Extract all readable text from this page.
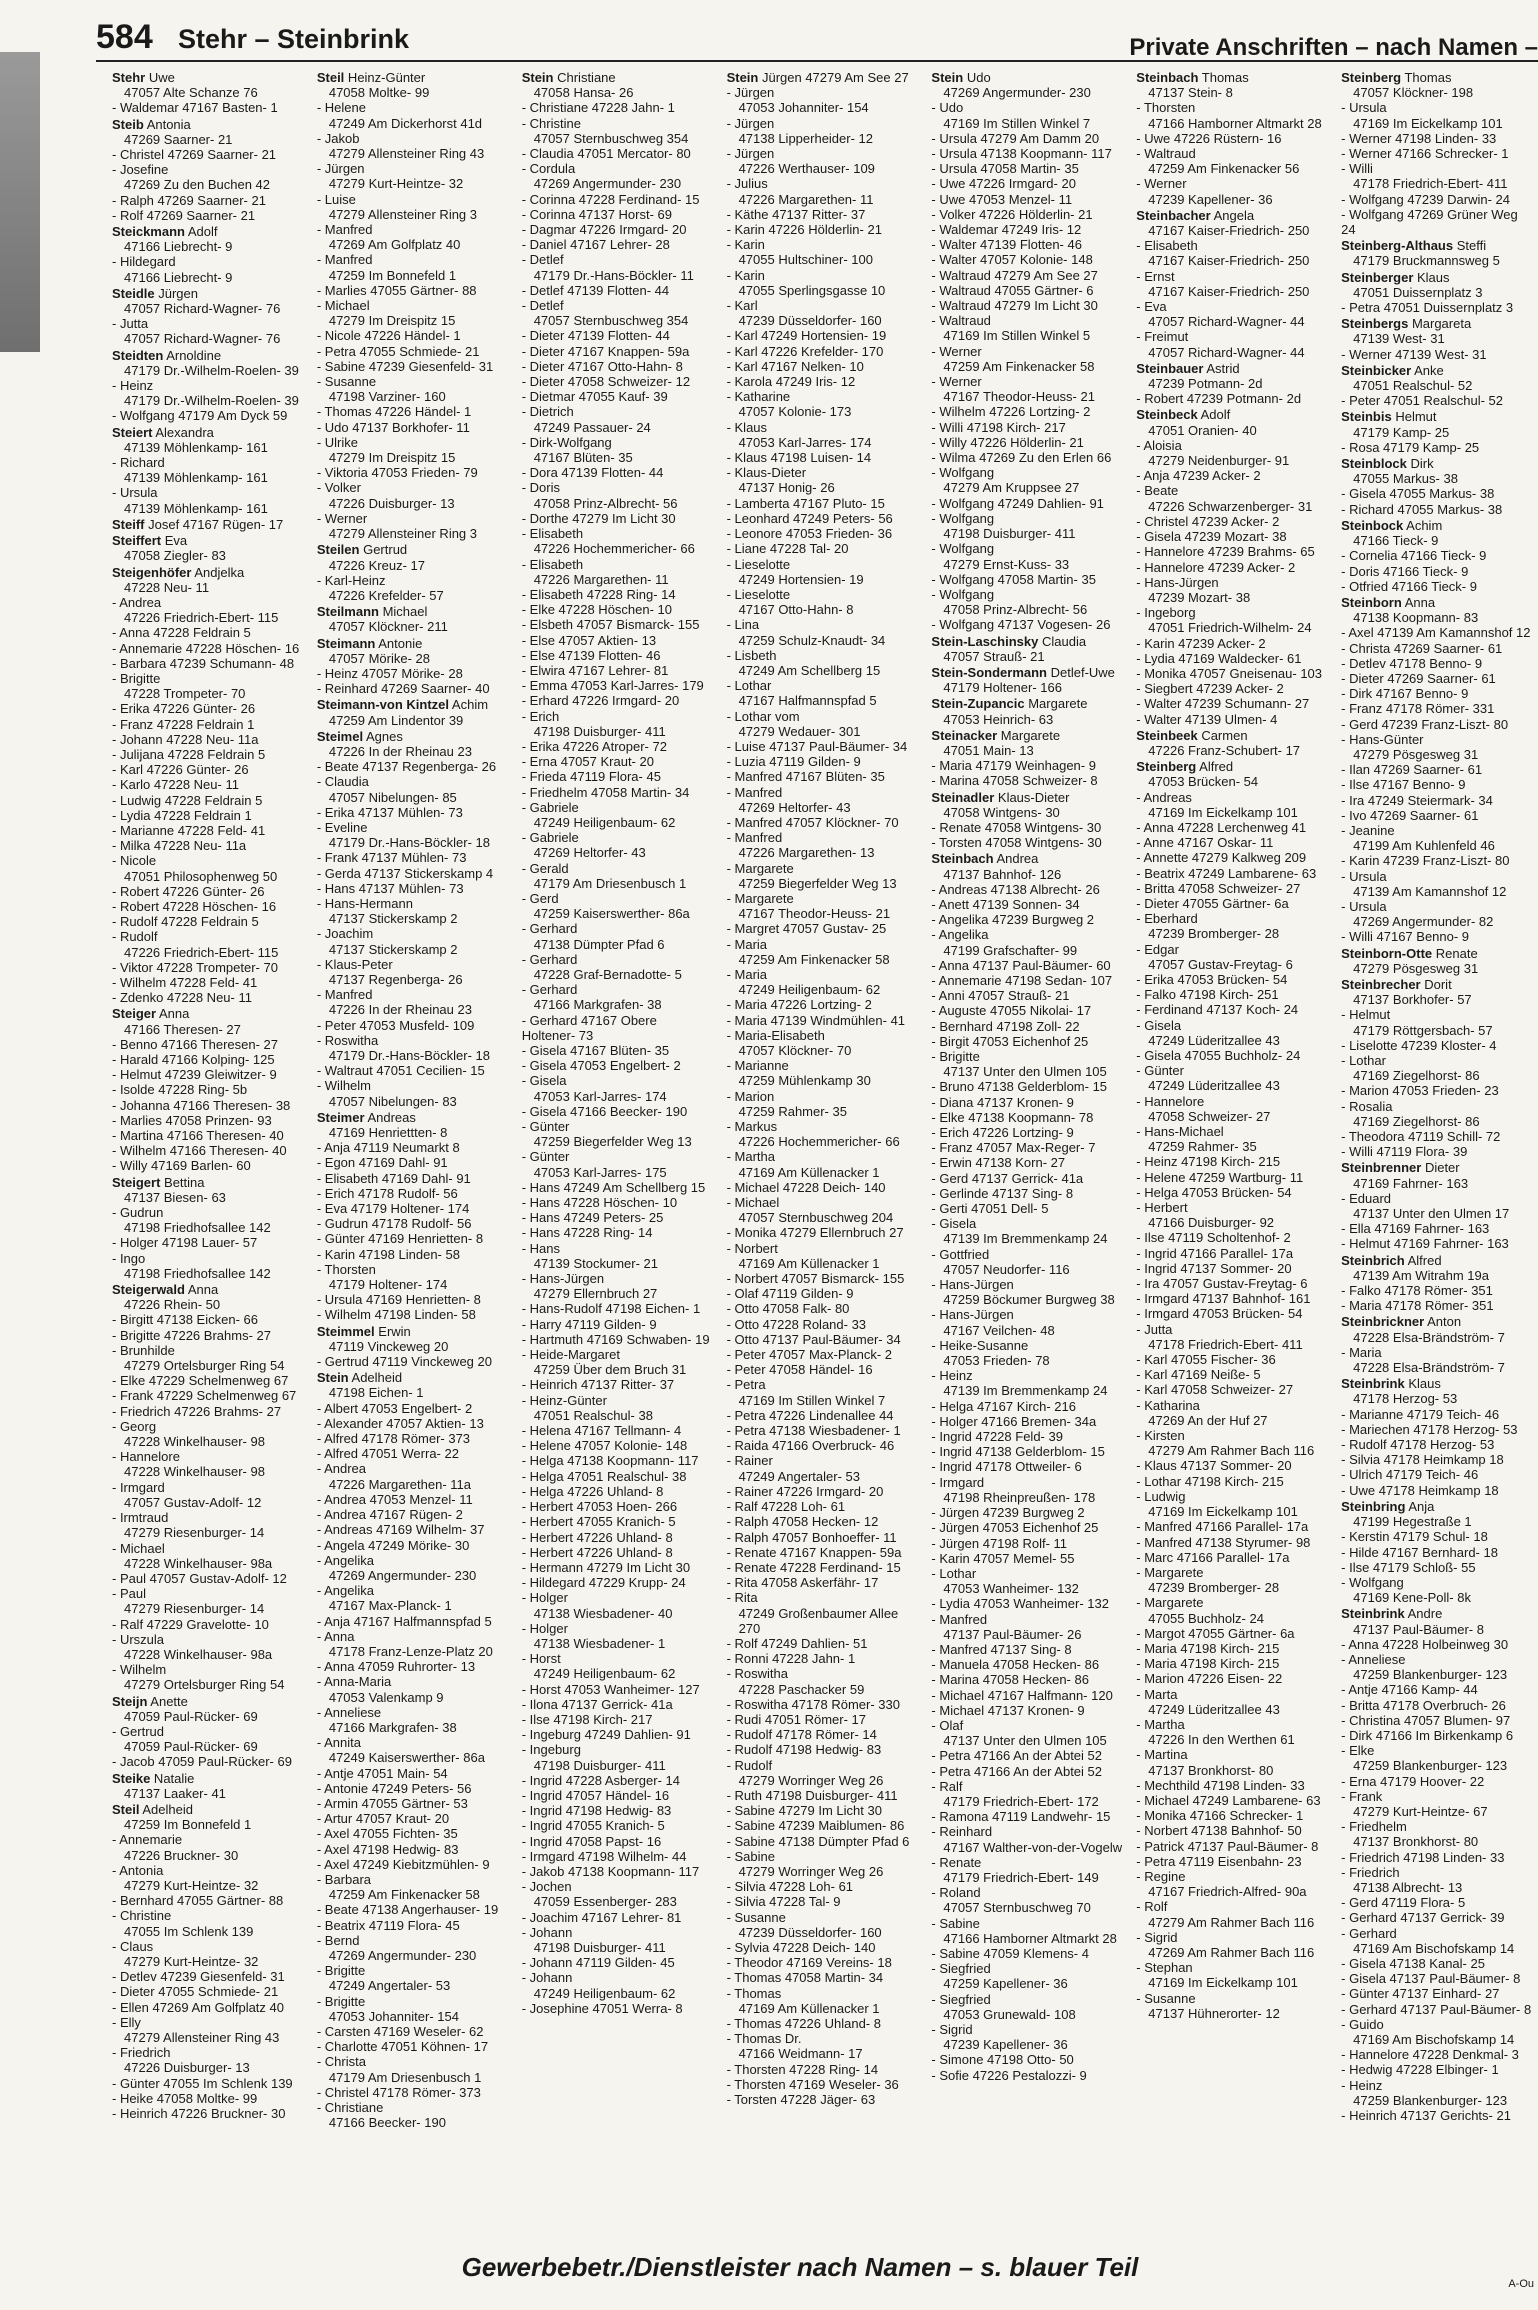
584 Stehr – Steinbrink	Private Anschriften – nach Namen –
Stehr Uwe
47057 Alte Schanze 76
- Waldemar 47167 Basten- 1
Steib Antonia
47269 Saarner- 21
- Christel 47269 Saarner- 21
- Josefine
47269 Zu den Buchen 42
- Ralph 47269 Saarner- 21
- Rolf 47269 Saarner- 21
Steickmann Adolf
47166 Liebrecht- 9
- Hildegard
47166 Liebrecht- 9
Steidle Jürgen
47057 Richard-Wagner- 76
- Jutta
47057 Richard-Wagner- 76
Steidten Arnoldine
47179 Dr.-Wilhelm-Roelen- 39
- Heinz
47179 Dr.-Wilhelm-Roelen- 39
- Wolfgang 47179 Am Dyck 59
Steiert Alexandra
47139 Möhlenkamp- 161
- Richard
47139 Möhlenkamp- 161
- Ursula
47139 Möhlenkamp- 161
Steiff Josef 47167 Rügen- 17
Steiffert Eva
47058 Ziegler- 83
Steigenhöfer Andjelka
47228 Neu- 11
- Andrea
47226 Friedrich-Ebert- 115
- Anna 47228 Feldrain 5
- Annemarie 47228 Höschen- 16
- Barbara 47239 Schumann- 48
- Brigitte
47228 Trompeter- 70
- Erika 47226 Günter- 26
- Franz 47228 Feldrain 1
- Johann 47228 Neu- 11a
- Julijana 47228 Feldrain 5
- Karl 47226 Günter- 26
- Karlo 47228 Neu- 11
- Ludwig 47228 Feldrain 5
- Lydia 47228 Feldrain 1
- Marianne 47228 Feld- 41
- Milka 47228 Neu- 11a
- Nicole
47051 Philosophenweg 50
- Robert 47226 Günter- 26
- Robert 47228 Höschen- 16
- Rudolf 47228 Feldrain 5
- Rudolf
47226 Friedrich-Ebert- 115
- Viktor 47228 Trompeter- 70
- Wilhelm 47228 Feld- 41
- Zdenko 47228 Neu- 11
Steiger Anna
47166 Theresen- 27
- Benno 47166 Theresen- 27
- Harald 47166 Kolping- 125
- Helmut 47239 Gleiwitzer- 9
- Isolde 47228 Ring- 5b
- Johanna 47166 Theresen- 38
- Marlies 47058 Prinzen- 93
- Martina 47166 Theresen- 40
- Wilhelm 47166 Theresen- 40
- Willy 47169 Barlen- 60
Steigert Bettina
47137 Biesen- 63
- Gudrun
47198 Friedhofsallee 142
- Holger 47198 Lauer- 57
- Ingo
47198 Friedhofsallee 142
Steigerwald Anna
47226 Rhein- 50
- Birgitt 47138 Eicken- 66
- Brigitte 47226 Brahms- 27
- Brunhilde
47279 Ortelsburger Ring 54
- Elke 47229 Schelmenweg 67
- Frank 47229 Schelmenweg 67
- Friedrich 47226 Brahms- 27
- Georg
47228 Winkelhauser- 98
- Hannelore
47228 Winkelhauser- 98
- Irmgard
47057 Gustav-Adolf- 12
- Irmtraud
47279 Riesenburger- 14
- Michael
47228 Winkelhauser- 98a
- Paul 47057 Gustav-Adolf- 12
- Paul
47279 Riesenburger- 14
- Ralf 47229 Gravelotte- 10
- Urszula
47228 Winkelhauser- 98a
- Wilhelm
47279 Ortelsburger Ring 54
Steijn Anette
47059 Paul-Rücker- 69
- Gertrud
47059 Paul-Rücker- 69
- Jacob 47059 Paul-Rücker- 69
Steike Natalie
47137 Laaker- 41
Steil Adelheid
47259 Im Bonnefeld 1
- Annemarie
47226 Bruckner- 30
- Antonia
47279 Kurt-Heintze- 32
- Bernhard 47055 Gärtner- 88
- Christine
47055 Im Schlenk 139
- Claus
47279 Kurt-Heintze- 32
- Detlev 47239 Giesenfeld- 31
- Dieter 47055 Schmiede- 21
- Ellen 47269 Am Golfplatz 40
- Elly
47279 Allensteiner Ring 43
- Friedrich
47226 Duisburger- 13
- Günter 47055 Im Schlenk 139
- Heike 47058 Moltke- 99
- Heinrich 47226 Bruckner- 30
Steil Heinz-Günter
47058 Moltke- 99
- Helene
47249 Am Dickerhorst 41d
- Jakob
47279 Allensteiner Ring 43
- Jürgen
47279 Kurt-Heintze- 32
- Luise
47279 Allensteiner Ring 3
- Manfred
47269 Am Golfplatz 40
- Manfred
47259 Im Bonnefeld 1
- Marlies 47055 Gärtner- 88
- Michael
47279 Im Dreispitz 15
- Nicole 47226 Händel- 1
- Petra 47055 Schmiede- 21
- Sabine 47239 Giesenfeld- 31
- Susanne
47198 Varziner- 160
- Thomas 47226 Händel- 1
- Udo 47137 Borkhofer- 11
- Ulrike
47279 Im Dreispitz 15
- Viktoria 47053 Frieden- 79
- Volker
47226 Duisburger- 13
- Werner
47279 Allensteiner Ring 3
Steilen Gertrud
47226 Kreuz- 17
- Karl-Heinz
47226 Krefelder- 57
Steilmann Michael
47057 Klöckner- 211
Steimann Antonie
47057 Mörike- 28
- Heinz 47057 Mörike- 28
- Reinhard 47269 Saarner- 40
Steimann-von Kintzel Achim
47259 Am Lindentor 39
Steimel Agnes
47226 In der Rheinau 23
- Beate 47137 Regenberga- 26
- Claudia
47057 Nibelungen- 85
- Erika 47137 Mühlen- 73
- Eveline
47179 Dr.-Hans-Böckler- 18
- Frank 47137 Mühlen- 73
- Gerda 47137 Stickerskamp 4
- Hans 47137 Mühlen- 73
- Hans-Hermann
47137 Stickerskamp 2
- Joachim
47137 Stickerskamp 2
- Klaus-Peter
47137 Regenberga- 26
- Manfred
47226 In der Rheinau 23
- Peter 47053 Musfeld- 109
- Roswitha
47179 Dr.-Hans-Böckler- 18
- Waltraut 47051 Cecilien- 15
- Wilhelm
47057 Nibelungen- 83
Steimer Andreas
47169 Henriettten- 8
- Anja 47119 Neumarkt 8
- Egon 47169 Dahl- 91
- Elisabeth 47169 Dahl- 91
- Erich 47178 Rudolf- 56
- Eva 47179 Holtener- 174
- Gudrun 47178 Rudolf- 56
- Günter 47169 Henrietten- 8
- Karin 47198 Linden- 58
- Thorsten
47179 Holtener- 174
- Ursula 47169 Henrietten- 8
- Wilhelm 47198 Linden- 58
Steimmel Erwin
47119 Vinckeweg 20
- Gertrud 47119 Vinckeweg 20
Stein Adelheid
47198 Eichen- 1
- Albert 47053 Engelbert- 2
- Alexander 47057 Aktien- 13
- Alfred 47178 Römer- 373
- Alfred 47051 Werra- 22
- Andrea
47226 Margarethen- 11a
- Andrea 47053 Menzel- 11
- Andrea 47167 Rügen- 2
- Andreas 47169 Wilhelm- 37
- Angela 47249 Mörike- 30
- Angelika
47269 Angermunder- 230
- Angelika
47167 Max-Planck- 1
- Anja 47167 Halfmannspfad 5
- Anna
47178 Franz-Lenze-Platz 20
- Anna 47059 Ruhrorter- 13
- Anna-Maria
47053 Valenkamp 9
- Anneliese
47166 Markgrafen- 38
- Annita
47249 Kaiserswerther- 86a
- Antje 47051 Main- 54
- Antonie 47249 Peters- 56
- Armin 47055 Gärtner- 53
- Artur 47057 Kraut- 20
- Axel 47055 Fichten- 35
- Axel 47198 Hedwig- 83
- Axel 47249 Kiebitzmühlen- 9
- Barbara
47259 Am Finkenacker 58
- Beate 47138 Angerhauser- 19
- Beatrix 47119 Flora- 45
- Bernd
47269 Angermunder- 230
- Brigitte
47249 Angertaler- 53
- Brigitte
47053 Johanniter- 154
- Carsten 47169 Weseler- 62
- Charlotte 47051 Köhnen- 17
- Christa
47179 Am Driesenbusch 1
- Christel 47178 Römer- 373
- Christiane
47166 Beecker- 190
Stein Christiane
47058 Hansa- 26
- Christiane 47228 Jahn- 1
- Christine
47057 Sternbuschweg 354
- Claudia 47051 Mercator- 80
- Cordula
47269 Angermunder- 230
- Corinna 47228 Ferdinand- 15
- Corinna 47137 Horst- 69
- Dagmar 47226 Irmgard- 20
- Daniel 47167 Lehrer- 28
- Detlef
47179 Dr.-Hans-Böckler- 11
- Detlef 47139 Flotten- 44
- Detlef
47057 Sternbuschweg 354
- Dieter 47139 Flotten- 44
- Dieter 47167 Knappen- 59a
- Dieter 47167 Otto-Hahn- 8
- Dieter 47058 Schweizer- 12
- Dietmar 47055 Kauf- 39
- Dietrich
47249 Passauer- 24
- Dirk-Wolfgang
47167 Blüten- 35
- Dora 47139 Flotten- 44
- Doris
47058 Prinz-Albrecht- 56
- Dorthe 47279 Im Licht 30
- Elisabeth
47226 Hochemmericher- 66
- Elisabeth
47226 Margarethen- 11
- Elisabeth 47228 Ring- 14
- Elke 47228 Höschen- 10
- Elsbeth 47057 Bismarck- 155
- Else 47057 Aktien- 13
- Else 47139 Flotten- 46
- Elwira 47167 Lehrer- 81
- Emma 47053 Karl-Jarres- 179
- Erhard 47226 Irmgard- 20
- Erich
47198 Duisburger- 411
- Erika 47226 Atroper- 72
- Erna 47057 Kraut- 20
- Frieda 47119 Flora- 45
- Friedhelm 47058 Martin- 34
- Gabriele
47249 Heiligenbaum- 62
- Gabriele
47269 Heltorfer- 43
- Gerald
47179 Am Driesenbusch 1
- Gerd
47259 Kaiserswerther- 86a
- Gerhard
47138 Dümpter Pfad 6
- Gerhard
47228 Graf-Bernadotte- 5
- Gerhard
47166 Markgrafen- 38
- Gerhard 47167 Obere Holtener- 73
- Gisela 47167 Blüten- 35
- Gisela 47053 Engelbert- 2
- Gisela
47053 Karl-Jarres- 174
- Gisela 47166 Beecker- 190
- Günter
47259 Biegerfelder Weg 13
- Günter
47053 Karl-Jarres- 175
- Hans 47249 Am Schellberg 15
- Hans 47228 Höschen- 10
- Hans 47249 Peters- 25
- Hans 47228 Ring- 14
- Hans
47139 Stockumer- 21
- Hans-Jürgen
47279 Ellernbruch 27
- Hans-Rudolf 47198 Eichen- 1
- Harry 47119 Gilden- 9
- Hartmuth 47169 Schwaben- 19
- Heide-Margaret
47259 Über dem Bruch 31
- Heinrich 47137 Ritter- 37
- Heinz-Günter
47051 Realschul- 38
- Helena 47167 Tellmann- 4
- Helene 47057 Kolonie- 148
- Helga 47138 Koopmann- 117
- Helga 47051 Realschul- 38
- Helga 47226 Uhland- 8
- Herbert 47053 Hoen- 266
- Herbert 47055 Kranich- 5
- Herbert 47226 Uhland- 8
- Herbert 47226 Uhland- 8
- Hermann 47279 Im Licht 30
- Hildegard 47229 Krupp- 24
- Holger
47138 Wiesbadener- 40
- Holger
47138 Wiesbadener- 1
- Horst
47249 Heiligenbaum- 62
- Horst 47053 Wanheimer- 127
- Ilona 47137 Gerrick- 41a
- Ilse 47198 Kirch- 217
- Ingeburg 47249 Dahlien- 91
- Ingeburg
47198 Duisburger- 411
- Ingrid 47228 Asberger- 14
- Ingrid 47057 Händel- 16
- Ingrid 47198 Hedwig- 83
- Ingrid 47055 Kranich- 5
- Ingrid 47058 Papst- 16
- Irmgard 47198 Wilhelm- 44
- Jakob 47138 Koopmann- 117
- Jochen
47059 Essenberger- 283
- Joachim 47167 Lehrer- 81
- Johann
47198 Duisburger- 411
- Johann 47119 Gilden- 45
- Johann
47249 Heiligenbaum- 62
- Josephine 47051 Werra- 8
Stein Jürgen 47279 Am See 27
- Jürgen
47053 Johanniter- 154
- Jürgen
47138 Lipperheider- 12
- Jürgen
47226 Werthauser- 109
- Julius
47226 Margarethen- 11
- Käthe 47137 Ritter- 37
- Karin 47226 Hölderlin- 21
- Karin
47055 Hultschiner- 100
- Karin
47055 Sperlingsgasse 10
- Karl
47239 Düsseldorfer- 160
- Karl 47249 Hortensien- 19
- Karl 47226 Krefelder- 170
- Karl 47167 Nelken- 10
- Karola 47249 Iris- 12
- Katharine
47057 Kolonie- 173
- Klaus
47053 Karl-Jarres- 174
- Klaus 47198 Luisen- 14
- Klaus-Dieter
47137 Honig- 26
- Lamberta 47167 Pluto- 15
- Leonhard 47249 Peters- 56
- Leonore 47053 Frieden- 36
- Liane 47228 Tal- 20
- Lieselotte
47249 Hortensien- 19
- Lieselotte
47167 Otto-Hahn- 8
- Lina
47259 Schulz-Knaudt- 34
- Lisbeth
47249 Am Schellberg 15
- Lothar
47167 Halfmannspfad 5
- Lothar vom
47279 Wedauer- 301
- Luise 47137 Paul-Bäumer- 34
- Luzia 47119 Gilden- 9
- Manfred 47167 Blüten- 35
- Manfred
47269 Heltorfer- 43
- Manfred 47057 Klöckner- 70
- Manfred
47226 Margarethen- 13
- Margarete
47259 Biegerfelder Weg 13
- Margarete
47167 Theodor-Heuss- 21
- Margret 47057 Gustav- 25
- Maria
47259 Am Finkenacker 58
- Maria
47249 Heiligenbaum- 62
- Maria 47226 Lortzing- 2
- Maria 47139 Windmühlen- 41
- Maria-Elisabeth
47057 Klöckner- 70
- Marianne
47259 Mühlenkamp 30
- Marion
47259 Rahmer- 35
- Markus
47226 Hochemmericher- 66
- Martha
47169 Am Küllenacker 1
- Michael 47228 Deich- 140
- Michael
47057 Sternbuschweg 204
- Monika 47279 Ellernbruch 27
- Norbert
47169 Am Küllenacker 1
- Norbert 47057 Bismarck- 155
- Olaf 47119 Gilden- 9
- Otto 47058 Falk- 80
- Otto 47228 Roland- 33
- Otto 47137 Paul-Bäumer- 34
- Peter 47057 Max-Planck- 2
- Peter 47058 Händel- 16
- Petra
47169 Im Stillen Winkel 7
- Petra 47226 Lindenallee 44
- Petra 47138 Wiesbadener- 1
- Raida 47166 Overbruck- 46
- Rainer
47249 Angertaler- 53
- Rainer 47226 Irmgard- 20
- Ralf 47228 Loh- 61
- Ralph 47058 Hecken- 12
- Ralph 47057 Bonhoeffer- 11
- Renate 47167 Knappen- 59a
- Renate 47228 Ferdinand- 15
- Rita 47058 Askerfähr- 17
- Rita
47249 Großenbaumer Allee 270
- Rolf 47249 Dahlien- 51
- Ronni 47228 Jahn- 1
- Roswitha
47228 Paschacker 59
- Roswitha 47178 Römer- 330
- Rudi 47051 Römer- 17
- Rudolf 47178 Römer- 14
- Rudolf 47198 Hedwig- 83
- Rudolf
47279 Worringer Weg 26
- Ruth 47198 Duisburger- 411
- Sabine 47279 Im Licht 30
- Sabine 47239 Maiblumen- 86
- Sabine 47138 Dümpter Pfad 6
- Sabine
47279 Worringer Weg 26
- Silvia 47228 Loh- 61
- Silvia 47228 Tal- 9
- Susanne
47239 Düsseldorfer- 160
- Sylvia 47228 Deich- 140
- Theodor 47169 Vereins- 18
- Thomas 47058 Martin- 34
- Thomas
47169 Am Küllenacker 1
- Thomas 47226 Uhland- 8
- Thomas Dr.
47166 Weidmann- 17
- Thorsten 47228 Ring- 14
- Thorsten 47169 Weseler- 36
- Torsten 47228 Jäger- 63
Stein Udo
47269 Angermunder- 230
- Udo
47169 Im Stillen Winkel 7
- Ursula 47279 Am Damm 20
- Ursula 47138 Koopmann- 117
- Ursula 47058 Martin- 35
- Uwe 47226 Irmgard- 20
- Uwe 47053 Menzel- 11
- Volker 47226 Hölderlin- 21
- Waldemar 47249 Iris- 12
- Walter 47139 Flotten- 46
- Walter 47057 Kolonie- 148
- Waltraud 47279 Am See 27
- Waltraud 47055 Gärtner- 6
- Waltraud 47279 Im Licht 30
- Waltraud
47169 Im Stillen Winkel 5
- Werner
47259 Am Finkenacker 58
- Werner
47167 Theodor-Heuss- 21
- Wilhelm 47226 Lortzing- 2
- Willi 47198 Kirch- 217
- Willy 47226 Hölderlin- 21
- Wilma 47269 Zu den Erlen 66
- Wolfgang
47279 Am Kruppsee 27
- Wolfgang 47249 Dahlien- 91
- Wolfgang
47198 Duisburger- 411
- Wolfgang
47279 Ernst-Kuss- 33
- Wolfgang 47058 Martin- 35
- Wolfgang
47058 Prinz-Albrecht- 56
- Wolfgang 47137 Vogesen- 26
Stein-Laschinsky Claudia
47057 Strauß- 21
Stein-Sondermann Detlef-Uwe
47179 Holtener- 166
Stein-Zupancic Margarete
47053 Heinrich- 63
Steinacker Margarete
47051 Main- 13
- Maria 47179 Weinhagen- 9
- Marina 47058 Schweizer- 8
Steinadler Klaus-Dieter
47058 Wintgens- 30
- Renate 47058 Wintgens- 30
- Torsten 47058 Wintgens- 30
Steinbach Andrea
47137 Bahnhof- 126
- Andreas 47138 Albrecht- 26
- Anett 47139 Sonnen- 34
- Angelika 47239 Burgweg 2
- Angelika
47199 Grafschafter- 99
- Anna 47137 Paul-Bäumer- 60
- Annemarie 47198 Sedan- 107
- Anni 47057 Strauß- 21
- Auguste 47055 Nikolai- 17
- Bernhard 47198 Zoll- 22
- Birgit 47053 Eichenhof 25
- Brigitte
47137 Unter den Ulmen 105
- Bruno 47138 Gelderblom- 15
- Diana 47137 Kronen- 9
- Elke 47138 Koopmann- 78
- Erich 47226 Lortzing- 9
- Franz 47057 Max-Reger- 7
- Erwin 47138 Korn- 27
- Gerd 47137 Gerrick- 41a
- Gerlinde 47137 Sing- 8
- Gerti 47051 Dell- 5
- Gisela
47139 Im Bremmenkamp 24
- Gottfried
47057 Neudorfer- 116
- Hans-Jürgen
47259 Böckumer Burgweg 38
- Hans-Jürgen
47167 Veilchen- 48
- Heike-Susanne
47053 Frieden- 78
- Heinz
47139 Im Bremmenkamp 24
- Helga 47167 Kirch- 216
- Holger 47166 Bremen- 34a
- Ingrid 47228 Feld- 39
- Ingrid 47138 Gelderblom- 15
- Ingrid 47178 Ottweiler- 6
- Irmgard
47198 Rheinpreußen- 178
- Jürgen 47239 Burgweg 2
- Jürgen 47053 Eichenhof 25
- Jürgen 47198 Rolf- 11
- Karin 47057 Memel- 55
- Lothar
47053 Wanheimer- 132
- Lydia 47053 Wanheimer- 132
- Manfred
47137 Paul-Bäumer- 26
- Manfred 47137 Sing- 8
- Manuela 47058 Hecken- 86
- Marina 47058 Hecken- 86
- Michael 47167 Halfmann- 120
- Michael 47137 Kronen- 9
- Olaf
47137 Unter den Ulmen 105
- Petra 47166 An der Abtei 52
- Petra 47166 An der Abtei 52
- Ralf
47179 Friedrich-Ebert- 172
- Ramona 47119 Landwehr- 15
- Reinhard
47167 Walther-von-der-Vogelw
- Renate
47179 Friedrich-Ebert- 149
- Roland
47057 Sternbuschweg 70
- Sabine
47166 Hamborner Altmarkt 28
- Sabine 47059 Klemens- 4
- Siegfried
47259 Kapellener- 36
- Siegfried
47053 Grunewald- 108
- Sigrid
47239 Kapellener- 36
- Simone 47198 Otto- 50
- Sofie 47226 Pestalozzi- 9
Steinbach Thomas
47137 Stein- 8
- Thorsten
47166 Hamborner Altmarkt 28
- Uwe 47226 Rüstern- 16
- Waltraud
47259 Am Finkenacker 56
- Werner
47239 Kapellener- 36
Steinbacher Angela
47167 Kaiser-Friedrich- 250
- Elisabeth
47167 Kaiser-Friedrich- 250
- Ernst
47167 Kaiser-Friedrich- 250
- Eva
47057 Richard-Wagner- 44
- Freimut
47057 Richard-Wagner- 44
Steinbauer Astrid
47239 Potmann- 2d
- Robert 47239 Potmann- 2d
Steinbeck Adolf
47051 Oranien- 40
- Aloisia
47279 Neidenburger- 91
- Anja 47239 Acker- 2
- Beate
47226 Schwarzenberger- 31
- Christel 47239 Acker- 2
- Gisela 47239 Mozart- 38
- Hannelore 47239 Brahms- 65
- Hannelore 47239 Acker- 2
- Hans-Jürgen
47239 Mozart- 38
- Ingeborg
47051 Friedrich-Wilhelm- 24
- Karin 47239 Acker- 2
- Lydia 47169 Waldecker- 61
- Monika 47057 Gneisenau- 103
- Siegbert 47239 Acker- 2
- Walter 47239 Schumann- 27
- Walter 47139 Ulmen- 4
Steinbeek Carmen
47226 Franz-Schubert- 17
Steinberg Alfred
47053 Brücken- 54
- Andreas
47169 Im Eickelkamp 101
- Anna 47228 Lerchenweg 41
- Anne 47167 Oskar- 11
- Annette 47279 Kalkweg 209
- Beatrix 47249 Lambarene- 63
- Britta 47058 Schweizer- 27
- Dieter 47055 Gärtner- 6a
- Eberhard
47239 Bromberger- 28
- Edgar
47057 Gustav-Freytag- 6
- Erika 47053 Brücken- 54
- Falko 47198 Kirch- 251
- Ferdinand 47137 Koch- 24
- Gisela
47249 Lüderitzallee 43
- Gisela 47055 Buchholz- 24
- Günter
47249 Lüderitzallee 43
- Hannelore
47058 Schweizer- 27
- Hans-Michael
47259 Rahmer- 35
- Heinz 47198 Kirch- 215
- Helene 47259 Wartburg- 11
- Helga 47053 Brücken- 54
- Herbert
47166 Duisburger- 92
- Ilse 47119 Scholtenhof- 2
- Ingrid 47166 Parallel- 17a
- Ingrid 47137 Sommer- 20
- Ira 47057 Gustav-Freytag- 6
- Irmgard 47137 Bahnhof- 161
- Irmgard 47053 Brücken- 54
- Jutta
47178 Friedrich-Ebert- 411
- Karl 47055 Fischer- 36
- Karl 47169 Neiße- 5
- Karl 47058 Schweizer- 27
- Katharina
47269 An der Huf 27
- Kirsten
47279 Am Rahmer Bach 116
- Klaus 47137 Sommer- 20
- Lothar 47198 Kirch- 215
- Ludwig
47169 Im Eickelkamp 101
- Manfred 47166 Parallel- 17a
- Manfred 47138 Styrumer- 98
- Marc 47166 Parallel- 17a
- Margarete
47239 Bromberger- 28
- Margarete
47055 Buchholz- 24
- Margot 47055 Gärtner- 6a
- Maria 47198 Kirch- 215
- Maria 47198 Kirch- 215
- Marion 47226 Eisen- 22
- Marta
47249 Lüderitzallee 43
- Martha
47226 In den Werthen 61
- Martina
47137 Bronkhorst- 80
- Mechthild 47198 Linden- 33
- Michael 47249 Lambarene- 63
- Monika 47166 Schrecker- 1
- Norbert 47138 Bahnhof- 50
- Patrick 47137 Paul-Bäumer- 8
- Petra 47119 Eisenbahn- 23
- Regine
47167 Friedrich-Alfred- 90a
- Rolf
47279 Am Rahmer Bach 116
- Sigrid
47269 Am Rahmer Bach 116
- Stephan
47169 Im Eickelkamp 101
- Susanne
47137 Hühnerorter- 12
Steinberg Thomas
47057 Klöckner- 198
- Ursula
47169 Im Eickelkamp 101
- Werner 47198 Linden- 33
- Werner 47166 Schrecker- 1
- Willi
47178 Friedrich-Ebert- 411
- Wolfgang 47239 Darwin- 24
- Wolfgang 47269 Grüner Weg 24
Steinberg-Althaus Steffi
47179 Bruckmannsweg 5
Steinberger Klaus
47051 Duissernplatz 3
- Petra 47051 Duissernplatz 3
Steinbergs Margareta
47139 West- 31
- Werner 47139 West- 31
Steinbicker Anke
47051 Realschul- 52
- Peter 47051 Realschul- 52
Steinbis Helmut
47179 Kamp- 25
- Rosa 47179 Kamp- 25
Steinblock Dirk
47055 Markus- 38
- Gisela 47055 Markus- 38
- Richard 47055 Markus- 38
Steinbock Achim
47166 Tieck- 9
- Cornelia 47166 Tieck- 9
- Doris 47166 Tieck- 9
- Otfried 47166 Tieck- 9
Steinborn Anna
47138 Koopmann- 83
- Axel 47139 Am Kamannshof 12
- Christa 47269 Saarner- 61
- Detlev 47178 Benno- 9
- Dieter 47269 Saarner- 61
- Dirk 47167 Benno- 9
- Franz 47178 Römer- 331
- Gerd 47239 Franz-Liszt- 80
- Hans-Günter
47279 Pösgesweg 31
- Ilan 47269 Saarner- 61
- Ilse 47167 Benno- 9
- Ira 47249 Steiermark- 34
- Ivo 47269 Saarner- 61
- Jeanine
47199 Am Kuhlenfeld 46
- Karin 47239 Franz-Liszt- 80
- Ursula
47139 Am Kamannshof 12
- Ursula
47269 Angermunder- 82
- Willi 47167 Benno- 9
Steinborn-Otte Renate
47279 Pösgesweg 31
Steinbrecher Dorit
47137 Borkhofer- 57
- Helmut
47179 Röttgersbach- 57
- Liselotte 47239 Kloster- 4
- Lothar
47169 Ziegelhorst- 86
- Marion 47053 Frieden- 23
- Rosalia
47169 Ziegelhorst- 86
- Theodora 47119 Schill- 72
- Willi 47119 Flora- 39
Steinbrenner Dieter
47169 Fahrner- 163
- Eduard
47137 Unter den Ulmen 17
- Ella 47169 Fahrner- 163
- Helmut 47169 Fahrner- 163
Steinbrich Alfred
47139 Am Witrahm 19a
- Falko 47178 Römer- 351
- Maria 47178 Römer- 351
Steinbrickner Anton
47228 Elsa-Brändström- 7
- Maria
47228 Elsa-Brändström- 7
Steinbrink Klaus
47178 Herzog- 53
- Marianne 47179 Teich- 46
- Mariechen 47178 Herzog- 53
- Rudolf 47178 Herzog- 53
- Silvia 47178 Heimkamp 18
- Ulrich 47179 Teich- 46
- Uwe 47178 Heimkamp 18
Steinbring Anja
47199 Hegestraße 1
- Kerstin 47179 Schul- 18
- Hilde 47167 Bernhard- 18
- Ilse 47179 Schloß- 55
- Wolfgang
47169 Kene-Poll- 8k
Steinbrink Andre
47137 Paul-Bäumer- 8
- Anna 47228 Holbeinweg 30
- Anneliese
47259 Blankenburger- 123
- Antje 47166 Kamp- 44
- Britta 47178 Overbruch- 26
- Christina 47057 Blumen- 97
- Dirk 47166 Im Birkenkamp 6
- Elke
47259 Blankenburger- 123
- Erna 47179 Hoover- 22
- Frank
47279 Kurt-Heintze- 67
- Friedhelm
47137 Bronkhorst- 80
- Friedrich 47198 Linden- 33
- Friedrich
47138 Albrecht- 13
- Gerd 47119 Flora- 5
- Gerhard 47137 Gerrick- 39
- Gerhard
47169 Am Bischofskamp 14
- Gisela 47138 Kanal- 25
- Gisela 47137 Paul-Bäumer- 8
- Günter 47137 Einhard- 27
- Gerhard 47137 Paul-Bäumer- 8
- Guido
47169 Am Bischofskamp 14
- Hannelore 47228 Denkmal- 3
- Hedwig 47228 Elbinger- 1
- Heinz
47259 Blankenburger- 123
- Heinrich 47137 Gerichts- 21
Gewerbebetr./Dienstleister nach Namen – s. blauer Teil
A-Ou
